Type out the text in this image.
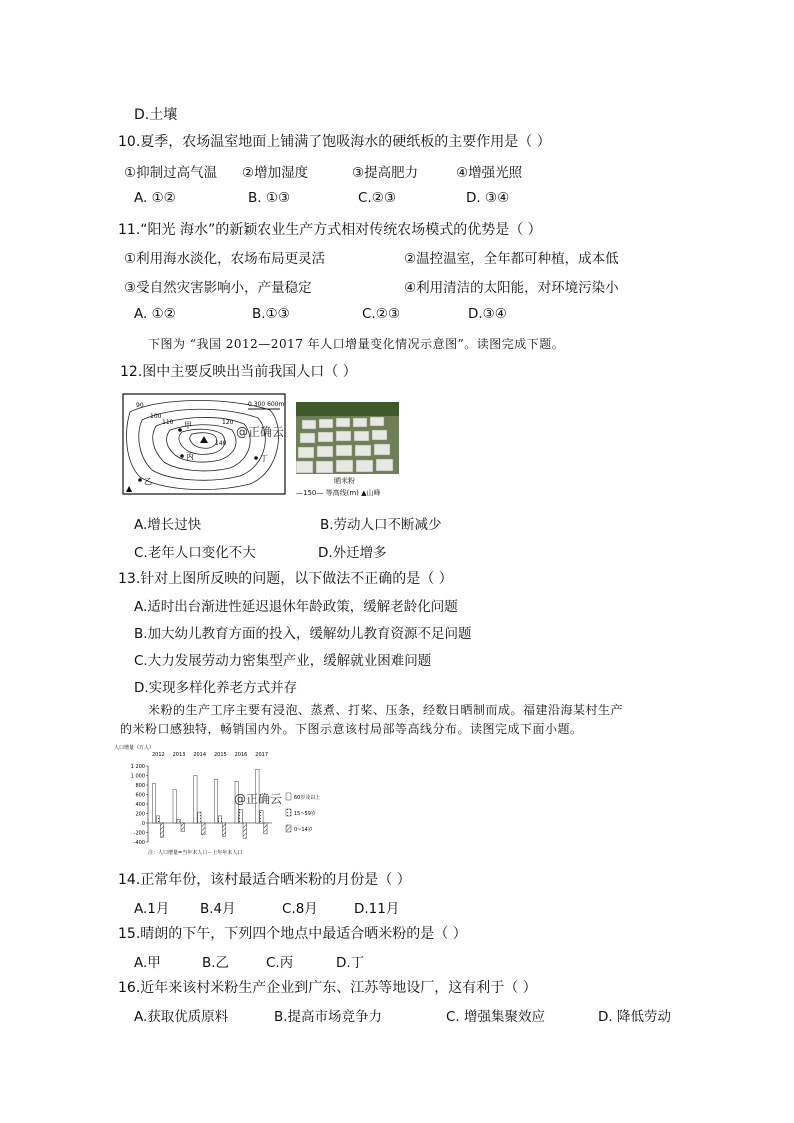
D.土壤
10.夏季，农场温室地面上铺满了饱吸海水的硬纸板的主要作用是（ ）
①抑制过高气温 ②增加湿度	③提高肥力	④增强光照
A. ①②	B. ①③	C.②③	D. ③④
11.“阳光 海水”的新颖农业生产方式相对传统农场模式的优势是（ ）
①利用海水淡化，农场布局更灵活	②温控温室，全年都可种植，成本低
③受自然灾害影响小，产量稳定	④利用清洁的太阳能，对环境污染小
A. ①②	B.①③	C.②③	D.③④
下图为 “我国 2012—2017 年人口增量变化情况示意图”。读图完成下题。
12.图中主要反映出当前我国人口（ ）
甲
丙	丁
乙
90
100
110	120
140
0 300 600m
▲
@正确云
晒米粉
—150— 等高线(m) ▲山峰
A.增长过快	B.劳动人口不断减少
C.老年人口变化不大	D.外迁增多
13.针对上图所反映的问题，以下做法不正确的是（ ）
A.适时出台渐进性延迟退休年龄政策，缓解老龄化问题
B.加大幼儿教育方面的投入，缓解幼儿教育资源不足问题
C.大力发展劳动力密集型产业，缓解就业困难问题
D.实现多样化养老方式并存
米粉的生产工序主要有浸泡、蒸煮、打桨、压条，经数日晒制而成。福建沿海某村生产
的米粉口感独特，畅销国内外。下图示意该村局部等高线分布。读图完成下面小题。
人口增量（万人）
1 200
1 000
800
600
400
200
0
-200
-400
2012 2013 2014 2015 2016 2017
60岁及以上
15~59岁
0~14岁
注：人口增量=当年末人口－上年年末人口
@正确云
14.正常年份，该村最适合晒米粉的月份是（ ）
A.1月 B.4月	C.8月	D.11月
15.晴朗的下午，下列四个地点中最适合晒米粉的是（ ）
A.甲	B.乙	C.丙	D.丁
16.近年来该村米粉生产企业到广东、江苏等地设厂，这有利于（ ）
A.获取优质原料	B.提高市场竞争力	C. 增强集聚效应	D. 降低劳动
